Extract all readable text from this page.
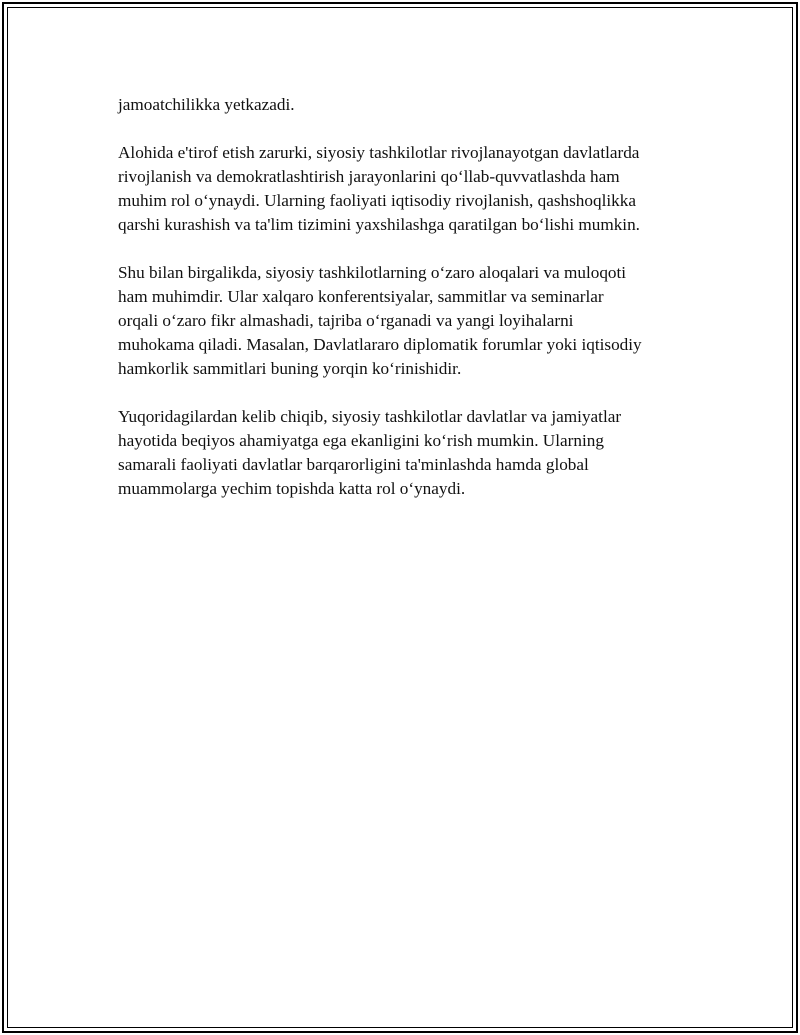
jamoatchilikka yetkazadi.

Alohida e'tirof etish zarurki, siyosiy tashkilotlar rivojlanayotgan davlatlarda
rivojlanish va demokratlashtirish jarayonlarini qo‘llab-quvvatlashda ham
muhim rol o‘ynaydi. Ularning faoliyati iqtisodiy rivojlanish, qashshoqlikka
qarshi kurashish va ta'lim tizimini yaxshilashga qaratilgan bo‘lishi mumkin.

Shu bilan birgalikda, siyosiy tashkilotlarning o‘zaro aloqalari va muloqoti
ham muhimdir. Ular xalqaro konferentsiyalar, sammitlar va seminarlar
orqali o‘zaro fikr almashadi, tajriba o‘rganadi va yangi loyihalarni
muhokama qiladi. Masalan, Davlatlararo diplomatik forumlar yoki iqtisodiy
hamkorlik sammitlari buning yorqin ko‘rinishidir.

Yuqoridagilardan kelib chiqib, siyosiy tashkilotlar davlatlar va jamiyatlar
hayotida beqiyos ahamiyatga ega ekanligini ko‘rish mumkin. Ularning
samarali faoliyati davlatlar barqarorligini ta'minlashda hamda global
muammolarga yechim topishda katta rol o‘ynaydi.
